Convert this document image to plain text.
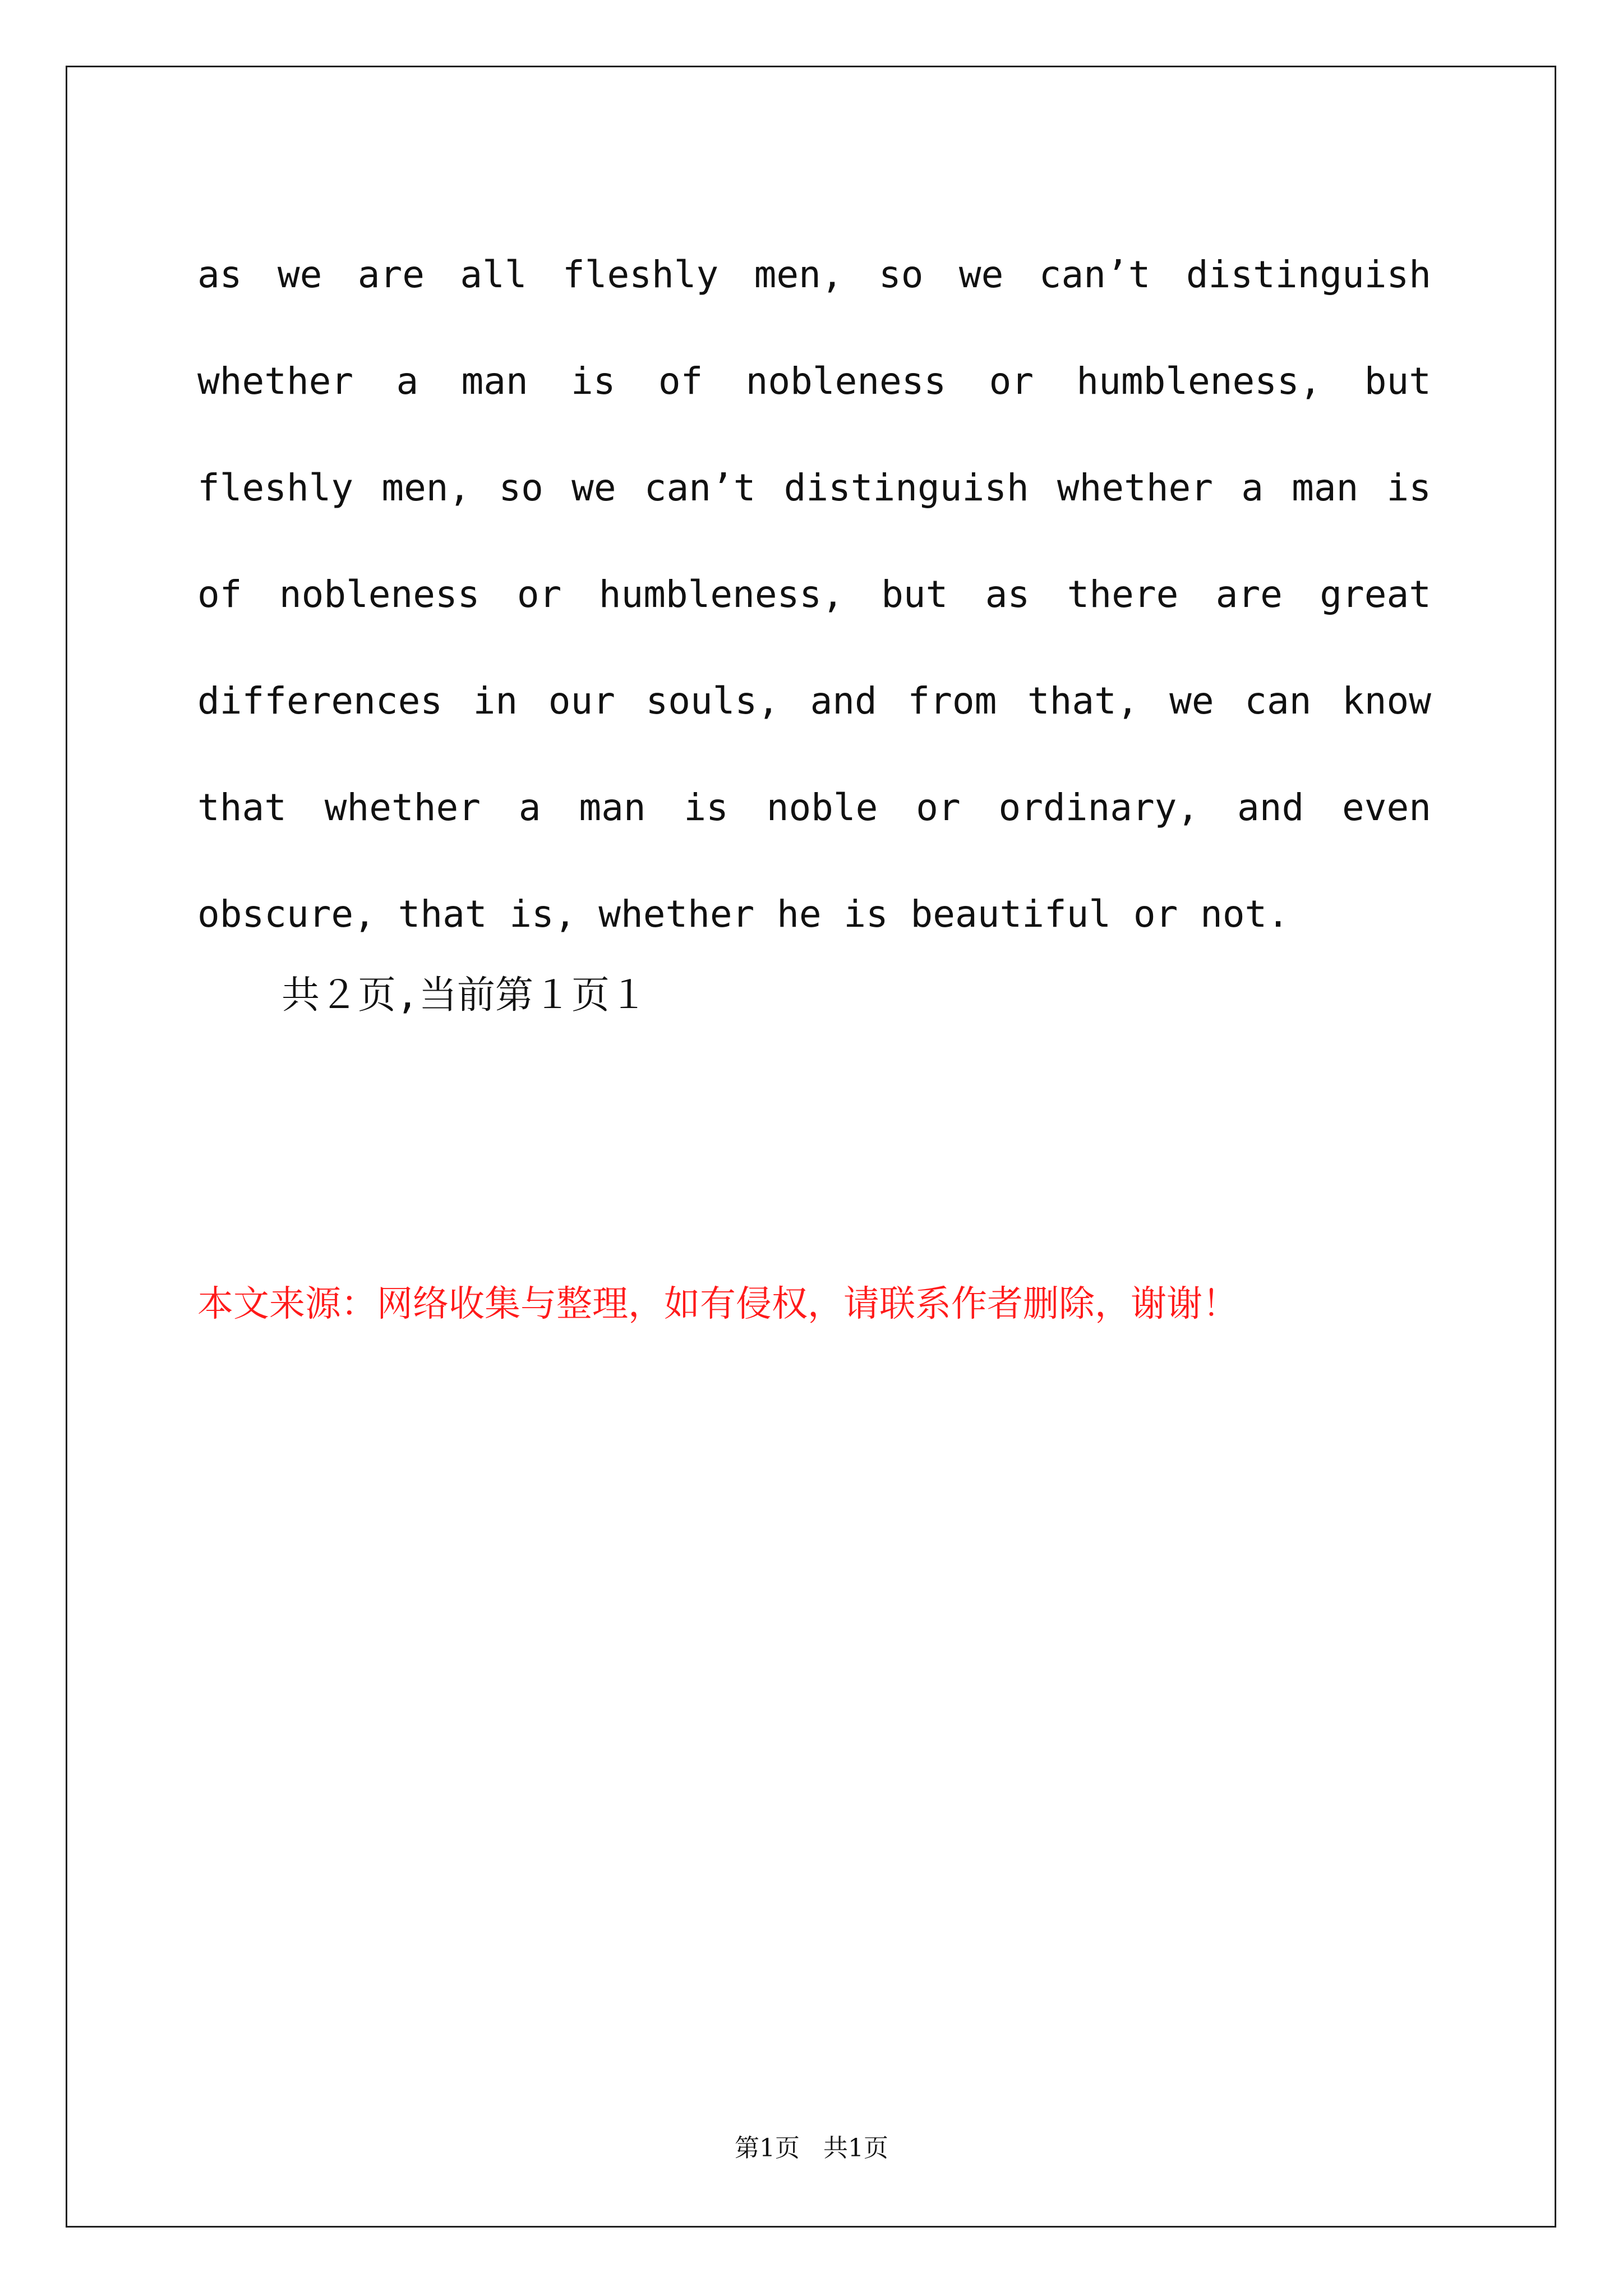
as we are all fleshly men, so we can’t distinguish whether a man is of nobleness or humbleness, but fleshly men, so we can’t distinguish whether a man is of nobleness or humbleness, but as there are great differences in our souls, and from that, we can know that whether a man is noble or ordinary, and even obscure, that is, whether he is beautiful or not.

共２页,当前第１页１
本文来源：网络收集与整理，如有侵权，请联系作者删除，谢谢！
第1页 共1页
